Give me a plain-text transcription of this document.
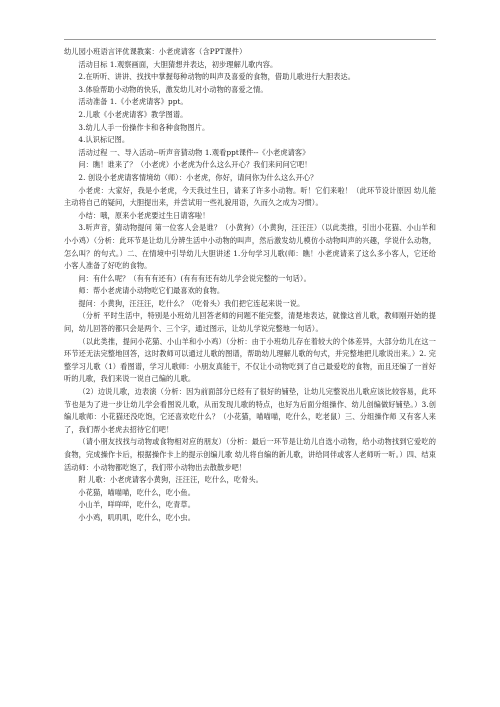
幼儿园小班语言评优课教案：小老虎请客（含PPT课件）

活动目标 1.观察画面，大胆猜想并表达，初步理解儿歌内容。

2.在听听、讲讲、找找中掌握每种动物的叫声及喜爱的食物，借助儿歌进行大胆表达。

3.体验帮助小动物的快乐，激发幼儿对小动物的喜爱之情。

活动准备 1.《小老虎请客》ppt。

2.儿歌《小老虎请客》教学图谱。

3.幼儿人手一份操作卡和各种食物图片。

4.认识标记图。

活动过程 一、导入活动--听声音猜动物 1.观看ppt课件--《小老虎请客》

问：瞧！谁来了？（小老虎）小老虎为什么这么开心？我们来问问它吧！

2. 创设小老虎请客情境幼（师）：小老虎，你好，请问你为什么这么开心？

小老虎：大家好，我是小老虎，今天我过生日，请来了许多小动物。听！它们来啦！（此环节设计原因 幼儿能主动将自己的疑问，大胆提出来，并尝试用一些礼貌用语，久而久之成为习惯）。

小结：哦，原来小老虎要过生日请客啦！

3.听声音，猜动物提问 第一位客人会是谁？（小黄狗）（小黄狗，汪汪汪）（以此类推，引出小花猫、小山羊和小小鸡）（分析：此环节是让幼儿分辨生活中小动物的叫声，然后激发幼儿模仿小动物叫声的兴趣，学说什么动物，怎么叫？的句式。）二、在情境中引导幼儿大胆讲述 1.分句学习儿歌(师：瞧！小老虎请来了这么多小客人，它还给小客人准备了好吃的食物。

问：有什么呢？（有有有还有）(有有有还有幼儿学会说完整的一句话）。

师：帮小老虎请小动物吃它们最喜欢的食物。

提问：小黄狗，汪汪汪，吃什么？（吃骨头）我们把它连起来说一说。

（分析 平时生活中，特别是小班幼儿回答老师的问题不能完整，清楚地表达，就像这首儿歌，教师刚开始的提问，幼儿回答的都只会是两个、三个字，通过图示，让幼儿学说完整地一句话）。

（以此类推，提问小花猫、小山羊和小小鸡）（分析：由于小班幼儿存在着较大的个体差异，大部分幼儿在这一环节还无法完整地回答，这时教师可以通过儿歌的图谱，帮助幼儿理解儿歌的句式，并完整地把儿歌说出来。）2. 完整学习儿歌（1）看图谱，学习儿歌师：小朋友真能干，不仅让小动物吃到了自己最爱吃的食物，而且还编了一首好听的儿歌，我们来说一说自己编的儿歌。

（2）边说儿歌，边表演（分析：因为前面部分已经有了很好的铺垫，让幼儿完整说出儿歌应该比较容易，此环节也是为了进一步让幼儿学会看图说儿歌，从而发现儿歌的特点，也好为后面分组操作、幼儿创编做好铺垫。）3.创编儿歌师：小花猫还没吃饱，它还喜欢吃什么？（小花猫，喵喵喵，吃什么，吃老鼠）三、分组操作师 又有客人来了，我们帮小老虎去招待它们吧！

（请小朋友找找与动物或食物相对应的朋友）（分析：最后一环节是让幼儿自选小动物，给小动物找到它爱吃的食物，完成操作卡后，根据操作卡上的提示创编儿歌 幼儿将自编的新儿歌，讲给同伴或客人老师听一听。）四、结束活动师：小动物都吃饱了，我们带小动物出去散散步吧！

附 儿歌：小老虎请客小黄狗，汪汪汪，吃什么，吃骨头。

小花猫，喵喵喵，吃什么，吃小鱼。

小山羊，咩咩咩，吃什么，吃青草。

小小鸡，叽叽叽，吃什么，吃小虫。
